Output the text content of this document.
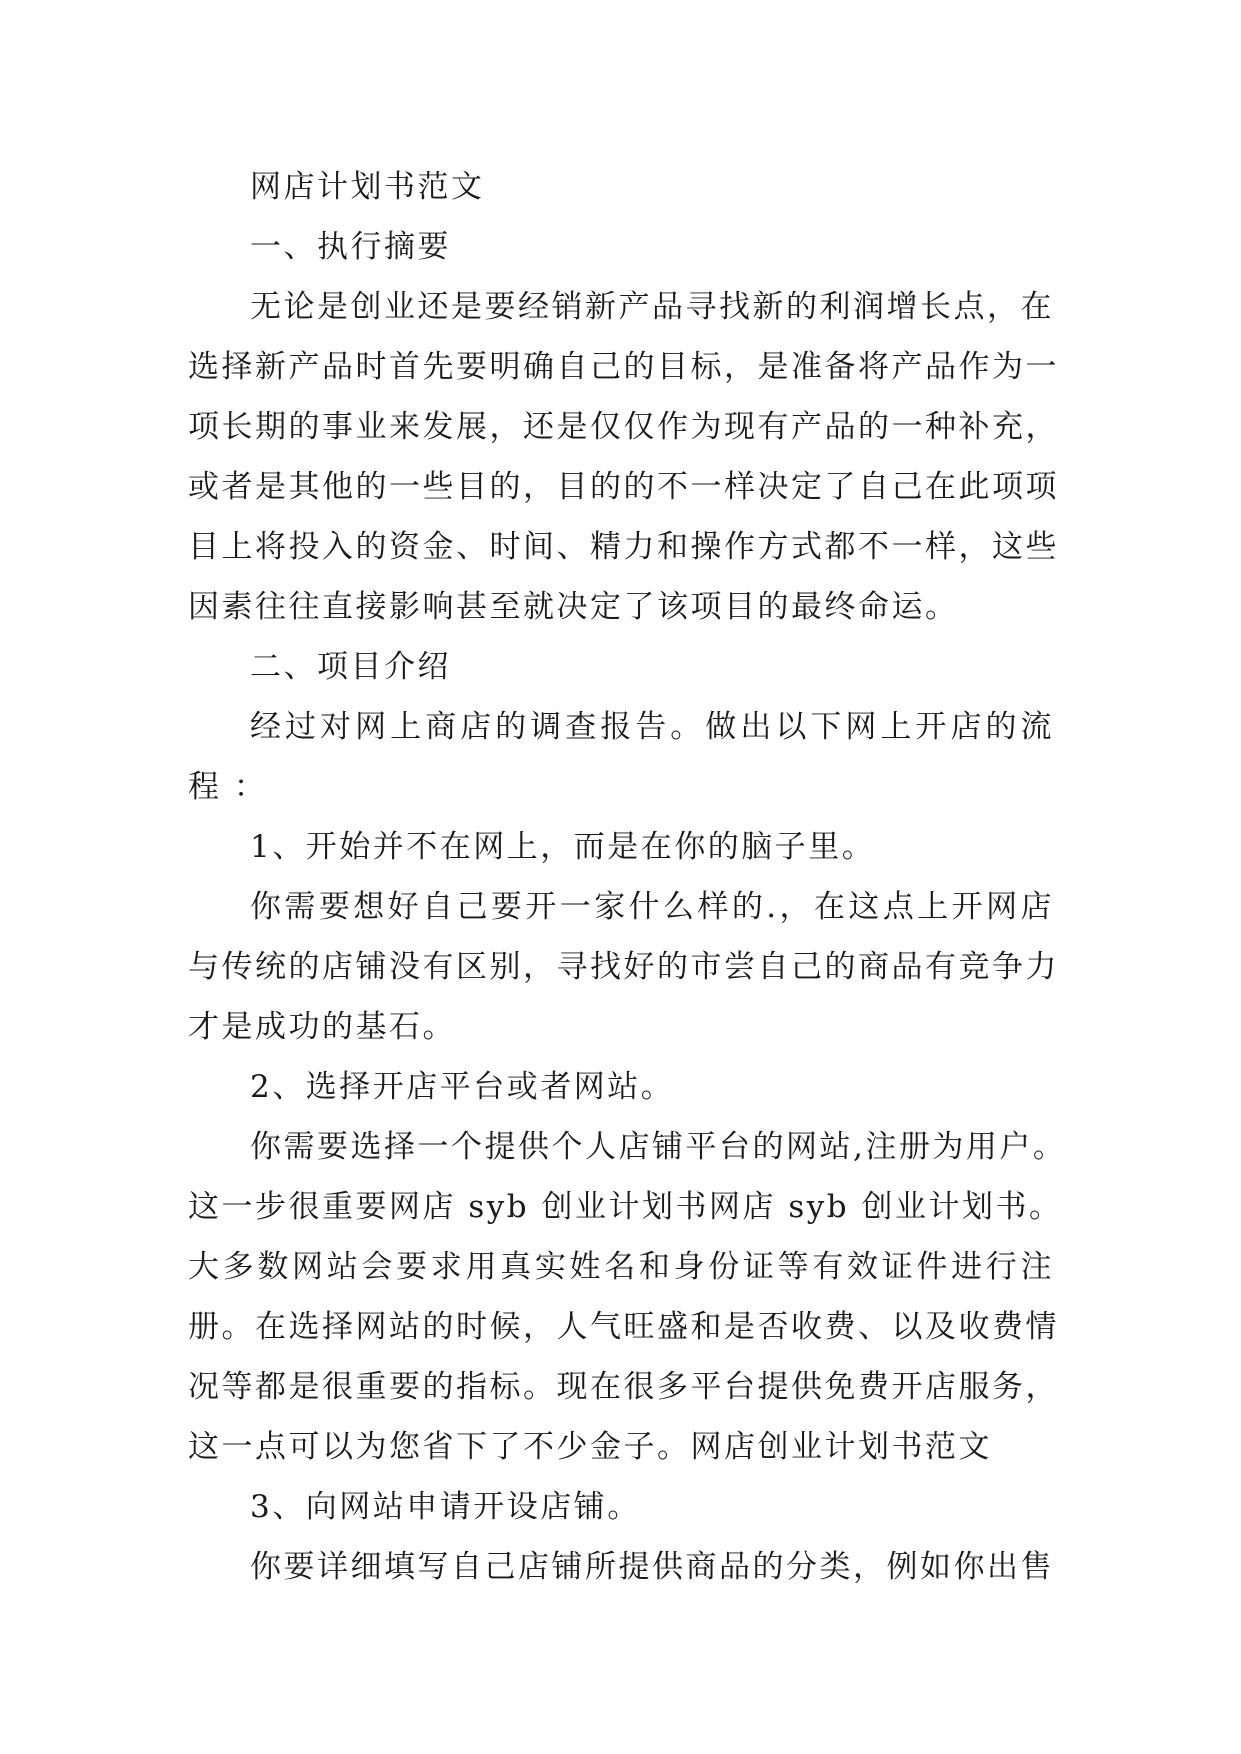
网店计划书范文
一、执行摘要
无论是创业还是要经销新产品寻找新的利润增长点，在
选择新产品时首先要明确自己的目标，是准备将产品作为一
项长期的事业来发展，还是仅仅作为现有产品的一种补充，
或者是其他的一些目的，目的的不一样决定了自己在此项项
目上将投入的资金、时间、精力和操作方式都不一样，这些
因素往往直接影响甚至就决定了该项目的最终命运。
二、项目介绍
经过对网上商店的调查报告。做出以下网上开店的流
程 ：
1、开始并不在网上，而是在你的脑子里。
你需要想好自己要开一家什么样的.，在这点上开网店
与传统的店铺没有区别，寻找好的市尝自己的商品有竞争力
才是成功的基石。
2、选择开店平台或者网站。
你需要选择一个提供个人店铺平台的网站,注册为用户。
这一步很重要网店 syb 创业计划书网店 syb 创业计划书。
大多数网站会要求用真实姓名和身份证等有效证件进行注
册。在选择网站的时候，人气旺盛和是否收费、以及收费情
况等都是很重要的指标。现在很多平台提供免费开店服务，
这一点可以为您省下了不少金子。网店创业计划书范文
3、向网站申请开设店铺。
你要详细填写自己店铺所提供商品的分类，例如你出售
